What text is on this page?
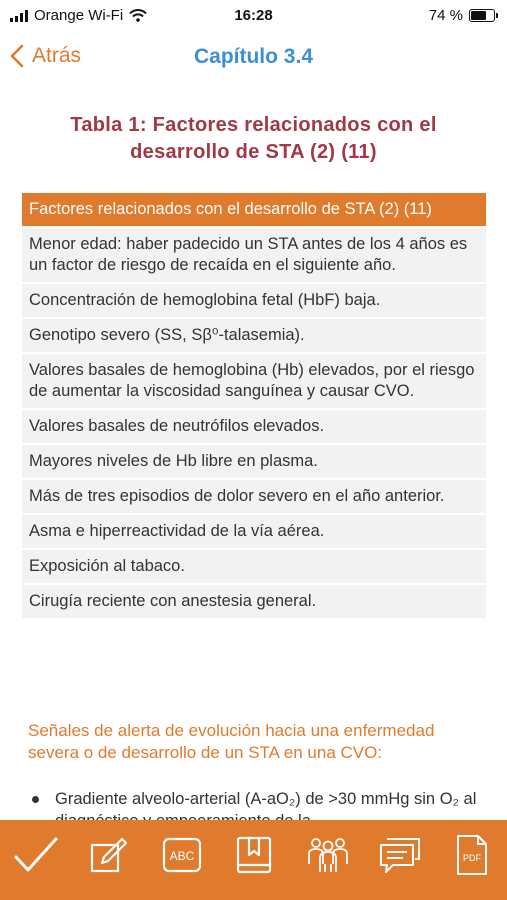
Orange Wi-Fi	16:28	74 %
Atrás	Capítulo 3.4
Tabla 1: Factores relacionados con el desarrollo de STA (2) (11)
Factores relacionados con el desarrollo de STA (2) (11)
Menor edad: haber padecido un STA antes de los 4 años es un factor de riesgo de recaída en el siguiente año.
Concentración de hemoglobina fetal (HbF) baja.
Genotipo severo (SS, Sβ⁰-talasemia).
Valores basales de hemoglobina (Hb) elevados, por el riesgo de aumentar la viscosidad sanguínea y causar CVO.
Valores basales de neutrófilos elevados.
Mayores niveles de Hb libre en plasma.
Más de tres episodios de dolor severo en el año anterior.
Asma e hiperreactividad de la vía aérea.
Exposición al tabaco.
Cirugía reciente con anestesia general.
Señales de alerta de evolución hacia una enfermedad severa o de desarrollo de un STA en una CVO:
Gradiente alveolo-arterial (A-aO₂) de >30 mmHg sin O₂ al
ABC	PDF
